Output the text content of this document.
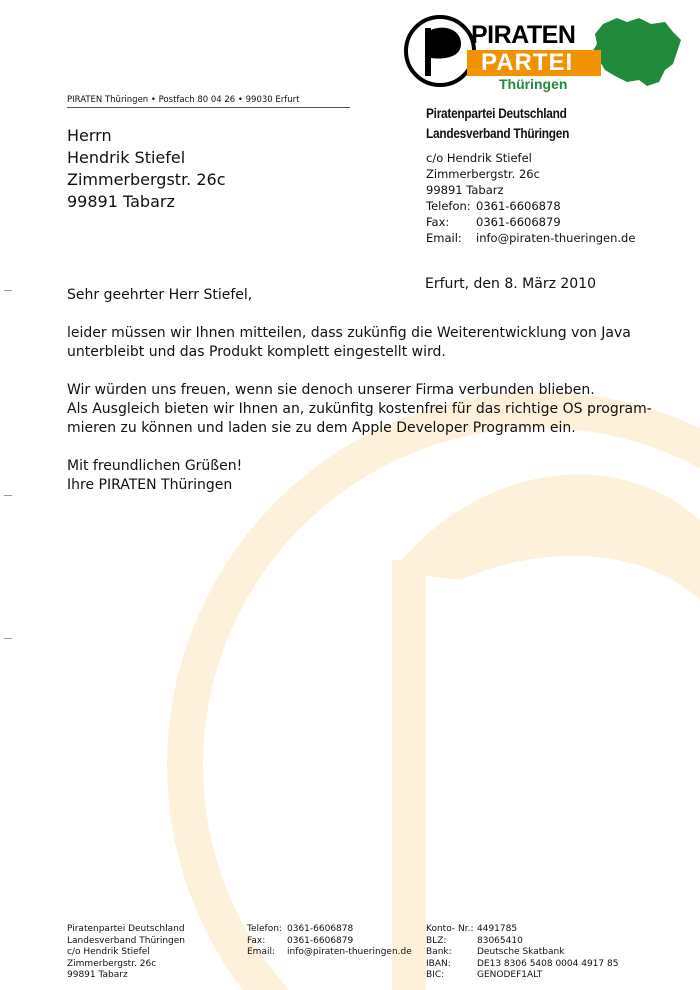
PIRATEN
PARTEI
Thüringen
PIRATEN Thüringen • Postfach 80 04 26 • 99030 Erfurt
Herrn
Hendrik Stiefel
Zimmerbergstr. 26c
99891 Tabarz
Piratenpartei Deutschland
Landesverband Thüringen
c/o Hendrik Stiefel
Zimmerbergstr. 26c
99891 Tabarz
Telefon: 0361-6606878
Fax:	0361-6606879
Email:	info@piraten-thueringen.de
Erfurt, den 8. März 2010

Sehr geehrter Herr Stiefel,

leider müssen wir Ihnen mitteilen, dass zukünfig die Weiterentwicklung von Java
unterbleibt und das Produkt komplett eingestellt wird.

Wir würden uns freuen, wenn sie denoch unserer Firma verbunden blieben.
Als Ausgleich bieten wir Ihnen an, zukünfitg kostenfrei für das richtige OS program-
mieren zu können und laden sie zu dem Apple Developer Programm ein.

Mit freundlichen Grüßen!
Ihre PIRATEN Thüringen

Piratenpartei Deutschland
Landesverband Thüringen
c/o Hendrik Stiefel
Zimmerbergstr. 26c
99891 Tabarz
Telefon: 0361-6606878
Fax:	0361-6606879
Email:	info@piraten-thueringen.de
Konto- Nr.: 4491785
BLZ:	83065410
Bank:	Deutsche Skatbank
IBAN:	DE13 8306 5408 0004 4917 85
BIC:	GENODEF1ALT
